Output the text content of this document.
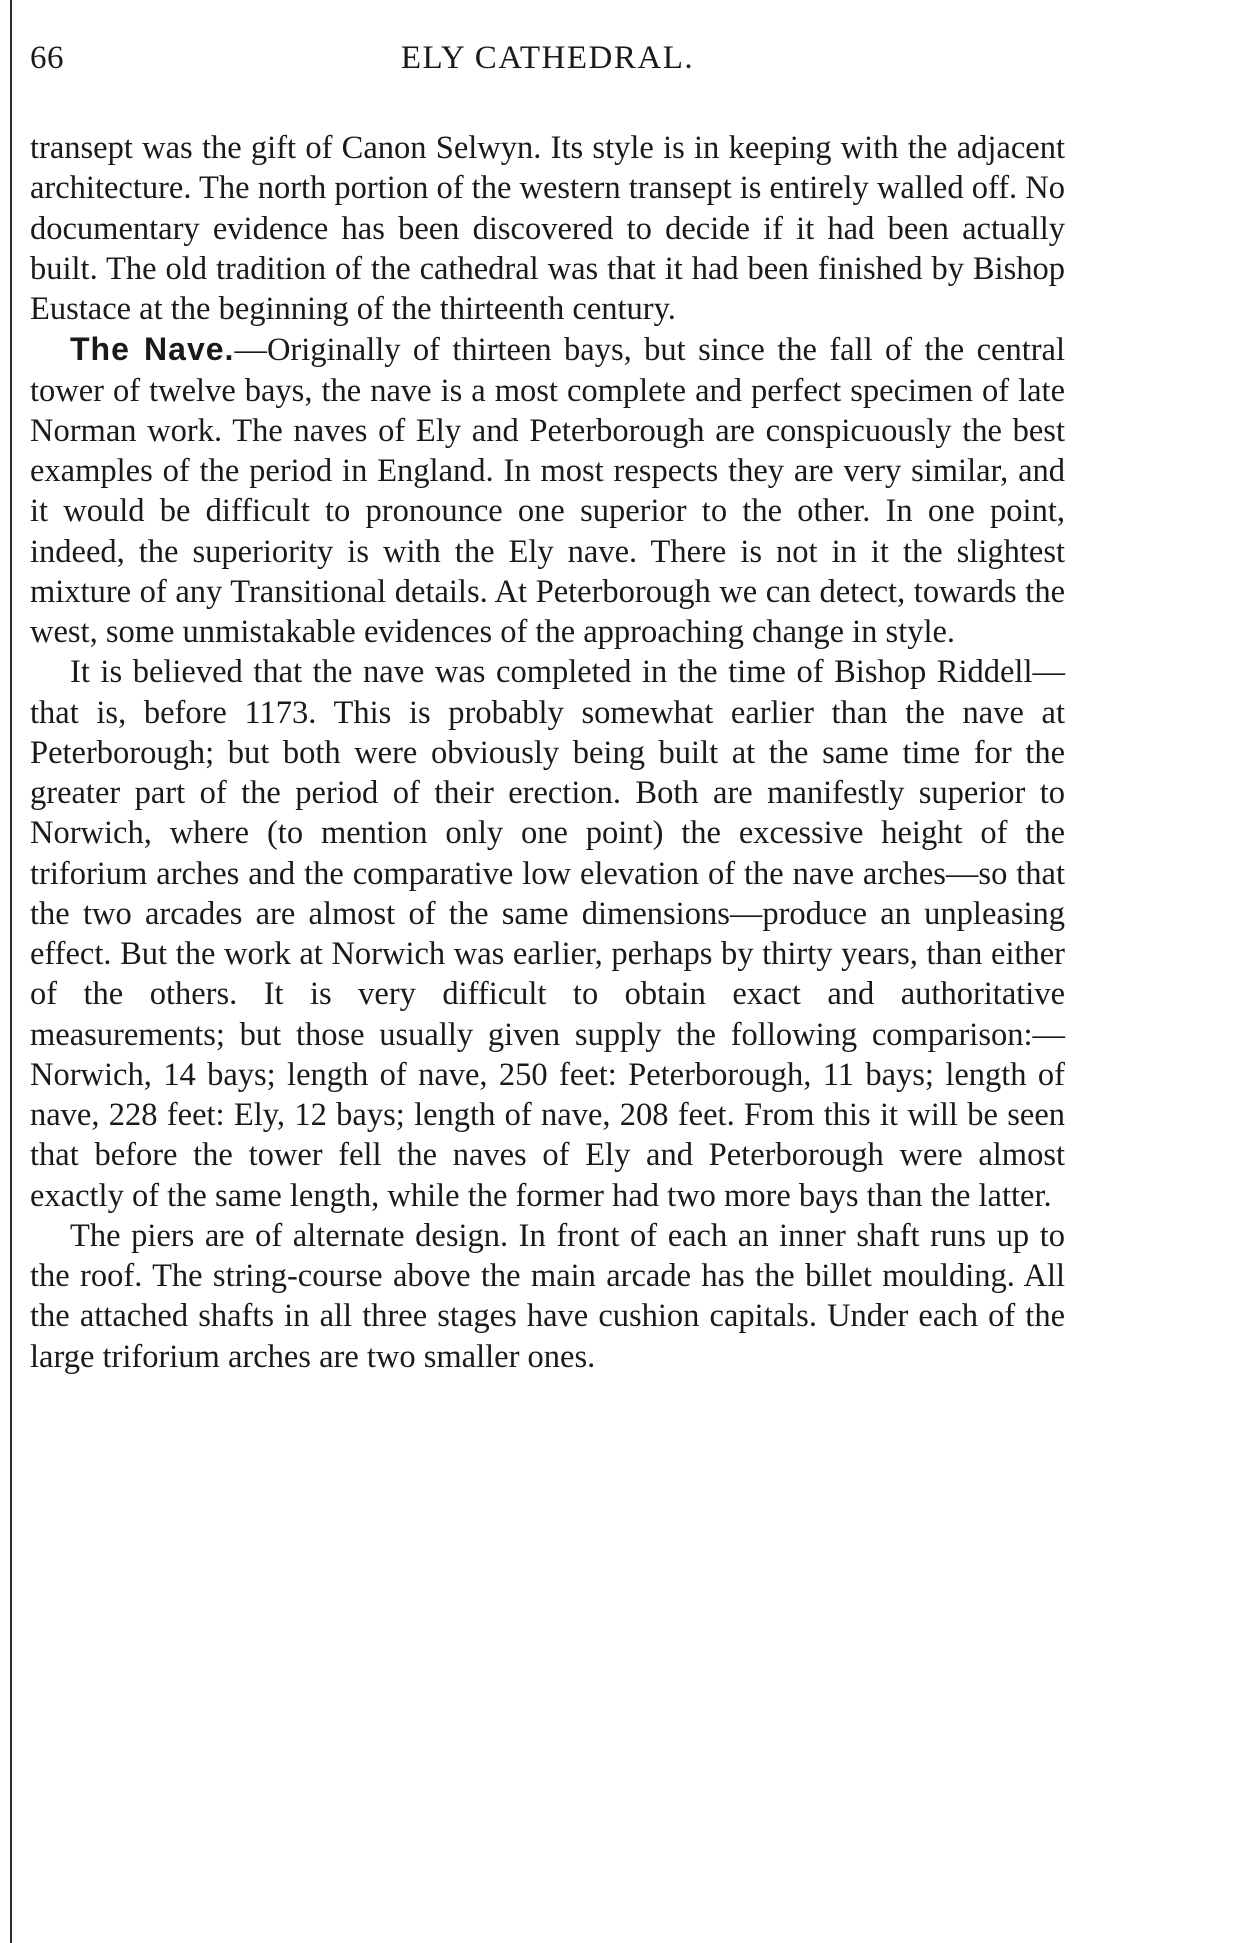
66	ELY CATHEDRAL.

transept was the gift of Canon Selwyn. Its style is in keeping with the adjacent architecture. The north portion of the western transept is entirely walled off. No documentary evidence has been discovered to decide if it had been actually built. The old tradition of the cathedral was that it had been finished by Bishop Eustace at the beginning of the thirteenth century.

The Nave.—Originally of thirteen bays, but since the fall of the central tower of twelve bays, the nave is a most complete and perfect specimen of late Norman work. The naves of Ely and Peterborough are conspicuously the best examples of the period in England. In most respects they are very similar, and it would be difficult to pronounce one superior to the other. In one point, indeed, the superiority is with the Ely nave. There is not in it the slightest mixture of any Transitional details. At Peterborough we can detect, towards the west, some unmistakable evidences of the approaching change in style.

It is believed that the nave was completed in the time of Bishop Riddell—that is, before 1173. This is probably somewhat earlier than the nave at Peterborough; but both were obviously being built at the same time for the greater part of the period of their erection. Both are manifestly superior to Norwich, where (to mention only one point) the excessive height of the triforium arches and the comparative low elevation of the nave arches—so that the two arcades are almost of the same dimensions—produce an unpleasing effect. But the work at Norwich was earlier, perhaps by thirty years, than either of the others. It is very difficult to obtain exact and authoritative measurements; but those usually given supply the following comparison:—Norwich, 14 bays; length of nave, 250 feet: Peterborough, 11 bays; length of nave, 228 feet: Ely, 12 bays; length of nave, 208 feet. From this it will be seen that before the tower fell the naves of Ely and Peterborough were almost exactly of the same length, while the former had two more bays than the latter.

The piers are of alternate design. In front of each an inner shaft runs up to the roof. The string-course above the main arcade has the billet moulding. All the attached shafts in all three stages have cushion capitals. Under each of the large triforium arches are two smaller ones.
